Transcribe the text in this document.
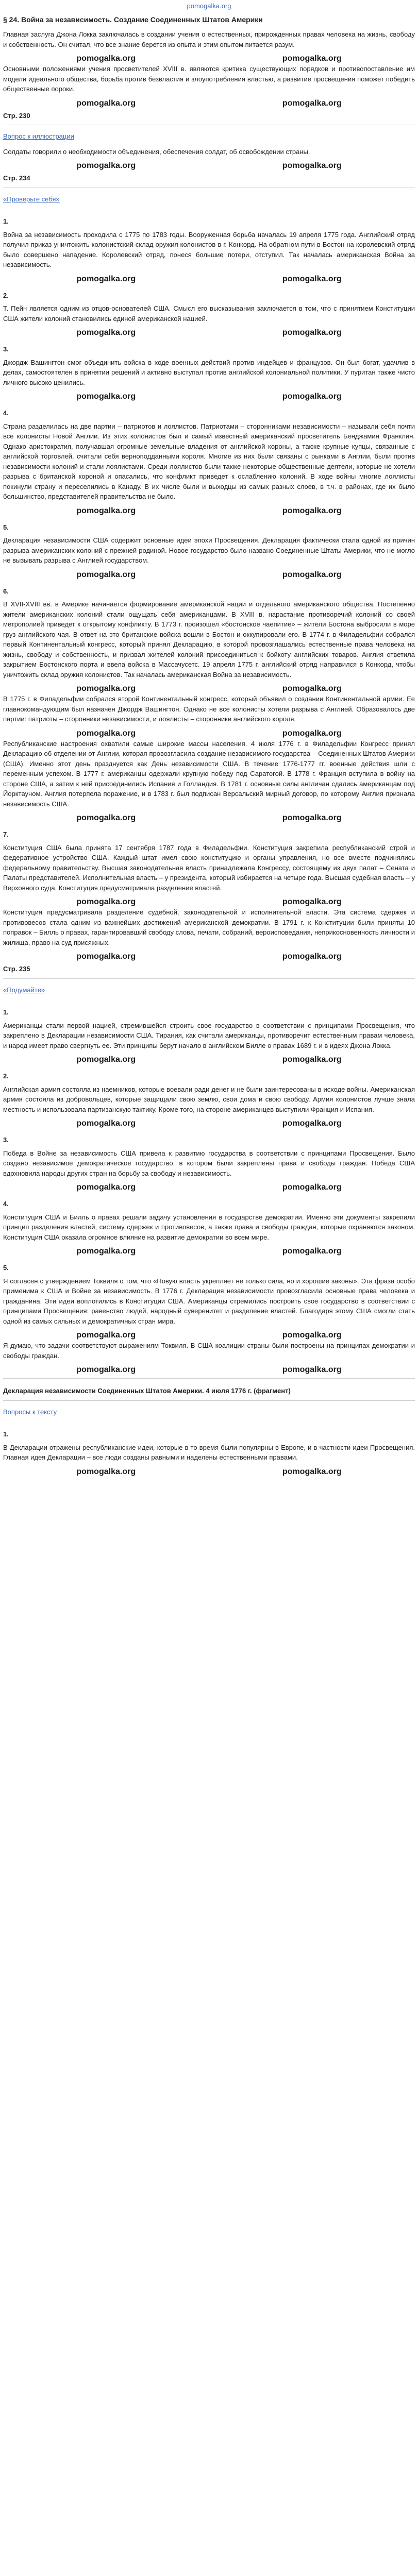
pomogalka.org
§ 24. Война за независимость. Создание Соединенных Штатов Америки

Главная заслуга Джона Локка заключалась в создании учения о естественных, прирожденных правах человека на жизнь, свободу и собственность. Он считал, что все знание берется из опыта и этим опытом питается разум.

pomogalka.org	pomogalka.org

Основными положениями учения просветителей XVIII в. являются критика существующих порядков и противопоставление им модели идеального общества, борьба против безвластия и злоупотребления властью, а развитие просвещения поможет победить общественные пороки.

pomogalka.org	pomogalka.org
Стр. 230
Вопрос к иллюстрации

Солдаты говорили о необходимости объединения, обеспечения солдат, об освобождении страны.

pomogalka.org	pomogalka.org
Стр. 234
«Проверьте себя»
1.

Война за независимость проходила с 1775 по 1783 годы. Вооруженная борьба началась 19 апреля 1775 года. Английский отряд получил приказ уничтожить колонистский склад оружия колонистов в г. Конкорд. На обратном пути в Бостон на королевский отряд было совершено нападение. Королевский отряд, понеся большие потери, отступил. Так началась американская Война за независимость.

pomogalka.org	pomogalka.org
2.

Т. Пейн является одним из отцов-основателей США. Смысл его высказывания заключается в том, что с принятием Конституции США жители колоний становились единой американской нацией.

pomogalka.org	pomogalka.org
3.

Джордж Вашингтон смог объединить войска в ходе военных действий против индейцев и французов. Он был богат, удачлив в делах, самостоятелен в принятии решений и активно выступал против английской колониальной политики. У пуритан также чисто личного высоко ценились.

pomogalka.org	pomogalka.org
4.

Страна разделилась на две партии – патриотов и лоялистов. Патриотами – сторонниками независимости – называли себя почти все колонисты Новой Англии. Из этих колонистов был и самый известный американский просветитель Бенджамин Франклин. Однако аристократия, получавшая огромные земельные владения от английской короны, а также крупные купцы, связанные с английской торговлей, считали себя верноподданными короля. Многие из них были связаны с рынками в Англии, были против независимости колоний и стали лоялистами. Среди лоялистов были также некоторые общественные деятели, которые не хотели разрыва с британской короной и опасались, что конфликт приведет к ослаблению колоний. В ходе войны многие лоялисты покинули страну и переселились в Канаду. В их числе были и выходцы из самых разных слоев, в т.ч. в районах, где их было большинство, представителей правительства не было.

pomogalka.org	pomogalka.org
5.

Декларация независимости США содержит основные идеи эпохи Просвещения. Декларация фактически стала одной из причин разрыва американских колоний с прежней родиной. Новое государство было названо Соединенные Штаты Америки, что не могло не вызывать разрыва с Англией государством.

pomogalka.org	pomogalka.org
6.

В XVII-XVIII вв. в Америке начинается формирование американской нации и отдельного американского общества. Постепенно жители американских колоний стали ощущать себя американцами. В XVIII в. нарастание противоречий колоний со своей метрополией приведет к открытому конфликту. В 1773 г. произошел «бостонское чаепитие» – жители Бостона выбросили в море груз английского чая. В ответ на это британские войска вошли в Бостон и оккупировали его. В 1774 г. в Филадельфии собрался первый Континентальный конгресс, который принял Декларацию, в которой провозглашались естественные права человека на жизнь, свободу и собственность, и призвал жителей колоний присоединиться к бойкоту английских товаров. Англия ответила закрытием Бостонского порта и ввела войска в Массачусетс. 19 апреля 1775 г. английский отряд направился в Конкорд, чтобы уничтожить склад оружия колонистов. Так началась американская Война за независимость.

pomogalka.org	pomogalka.org

В 1775 г. в Филадельфии собрался второй Континентальный конгресс, который объявил о создании Континентальной армии. Ее главнокомандующим был назначен Джордж Вашингтон. Однако не все колонисты хотели разрыва с Англией. Образовалось две партии: патриоты – сторонники независимости, и лоялисты – сторонники английского короля.

pomogalka.org	pomogalka.org

Республиканские настроения охватили самые широкие массы населения. 4 июля 1776 г. в Филадельфии Конгресс принял Декларацию об отделении от Англии, которая провозгласила создание независимого государства – Соединенных Штатов Америки (США). Именно этот день празднуется как День независимости США. В течение 1776-1777 гг. военные действия шли с переменным успехом. В 1777 г. американцы одержали крупную победу под Саратогой. В 1778 г. Франция вступила в войну на стороне США, а затем к ней присоединились Испания и Голландия. В 1781 г. основные силы англичан сдались американцам под Йорктауном. Англия потерпела поражение, и в 1783 г. был подписан Версальский мирный договор, по которому Англия признала независимость США.

pomogalka.org	pomogalka.org
7.

Конституция США была принята 17 сентября 1787 года в Филадельфии. Конституция закрепила республиканский строй и федеративное устройство США. Каждый штат имел свою конституцию и органы управления, но все вместе подчинялись федеральному правительству. Высшая законодательная власть принадлежала Конгрессу, состоящему из двух палат – Сената и Палаты представителей. Исполнительная власть – у президента, который избирается на четыре года. Высшая судебная власть – у Верховного суда. Конституция предусматривала разделение властей.

pomogalka.org	pomogalka.org

Конституция предусматривала разделение судебной, законодательной и исполнительной власти. Эта система сдержек и противовесов стала одним из важнейших достижений американской демократии. В 1791 г. к Конституции были приняты 10 поправок – Билль о правах, гарантировавший свободу слова, печати, собраний, вероисповедания, неприкосновенность личности и жилища, право на суд присяжных.

pomogalka.org	pomogalka.org
Стр. 235
«Подумайте»
1.

Американцы стали первой нацией, стремившейся строить свое государство в соответствии с принципами Просвещения, что закреплено в Декларации независимости США. Тирания, как считали американцы, противоречит естественным правам человека, и народ имеет право свергнуть ее. Эти принципы берут начало в английском Билле о правах 1689 г. и в идеях Джона Локка.

pomogalka.org	pomogalka.org
2.

Английская армия состояла из наемников, которые воевали ради денег и не были заинтересованы в исходе войны. Американская армия состояла из добровольцев, которые защищали свою землю, свои дома и свою свободу. Армия колонистов лучше знала местность и использовала партизанскую тактику. Кроме того, на стороне американцев выступили Франция и Испания.

pomogalka.org	pomogalka.org
3.

Победа в Войне за независимость США привела к развитию государства в соответствии с принципами Просвещения. Было создано независимое демократическое государство, в котором были закреплены права и свободы граждан. Победа США вдохновила народы других стран на борьбу за свободу и независимость.

pomogalka.org	pomogalka.org
4.

Конституция США и Билль о правах решали задачу установления в государстве демократии. Именно эти документы закрепили принцип разделения властей, систему сдержек и противовесов, а также права и свободы граждан, которые охраняются законом. Конституция США оказала огромное влияние на развитие демократии во всем мире.

pomogalka.org	pomogalka.org
5.

Я согласен с утверждением Токвиля о том, что «Новую власть укрепляет не только сила, но и хорошие законы». Эта фраза особо применима к США и Войне за независимость. В 1776 г. Декларация независимости провозгласила основные права человека и гражданина. Эти идеи воплотились в Конституции США. Американцы стремились построить свое государство в соответствии с принципами Просвещения: равенство людей, народный суверенитет и разделение властей. Благодаря этому США смогли стать одной из самых сильных и демократичных стран мира.

pomogalka.org	pomogalka.org

Я думаю, что задачи соответствуют выражениям Токвиля. В США коалиции страны были построены на принципах демократии и свободы граждан.

pomogalka.org	pomogalka.org
Декларация независимости Соединенных Штатов Америки. 4 июля 1776 г. (фрагмент)
Вопросы к тексту
1.

В Декларации отражены республиканские идеи, которые в то время были популярны в Европе, и в частности идеи Просвещения. Главная идея Декларации – все люди созданы равными и наделены естественными правами.

pomogalka.org	pomogalka.org
